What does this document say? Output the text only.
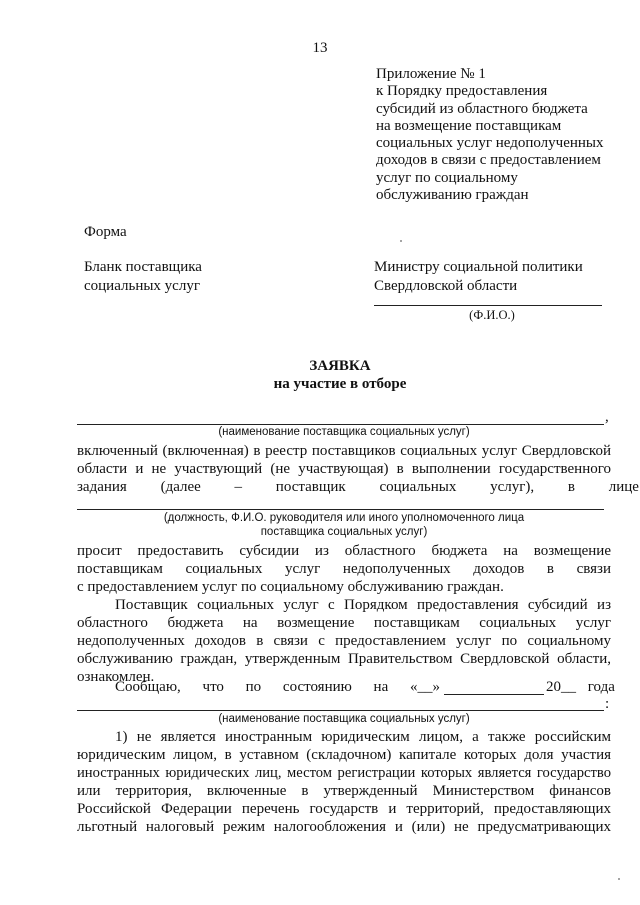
13
Приложение № 1
к Порядку предоставления
субсидий из областного бюджета
на возмещение поставщикам
социальных услуг недополученных
доходов в связи с предоставлением
услуг по социальному
обслуживанию граждан
Форма
Бланк поставщика
социальных услуг
Министру социальной политики
Свердловской области
(Ф.И.О.)
ЗАЯВКА
на участие в отборе
,
(наименование поставщика социальных услуг)
включенный (включенная) в реестр поставщиков социальных услуг Свердловской
области и не участвующий (не участвующая) в выполнении государственного
задания (далее – поставщик социальных услуг), в лице
(должность, Ф.И.О. руководителя или иного уполномоченного лица
поставщика социальных услуг)
просит предоставить субсидии из областного бюджета на возмещение
поставщикам социальных услуг недополученных доходов в связи
с предоставлением услуг по социальному обслуживанию граждан.
Поставщик социальных услуг с Порядком предоставления субсидий из
областного бюджета на возмещение поставщикам социальных услуг
недополученных доходов в связи с предоставлением услуг по социальному
обслуживанию граждан, утвержденным Правительством Свердловской области,
ознакомлен.
Сообщаю, что по состоянию на «__»	20__ года
:
(наименование поставщика социальных услуг)
1) не является иностранным юридическим лицом, а также российским
юридическим лицом, в уставном (складочном) капитале которых доля участия
иностранных юридических лиц, местом регистрации которых является государство
или территория, включенные в утвержденный Министерством финансов
Российской Федерации перечень государств и территорий, предоставляющих
льготный налоговый режим налогообложения и (или) не предусматривающих
